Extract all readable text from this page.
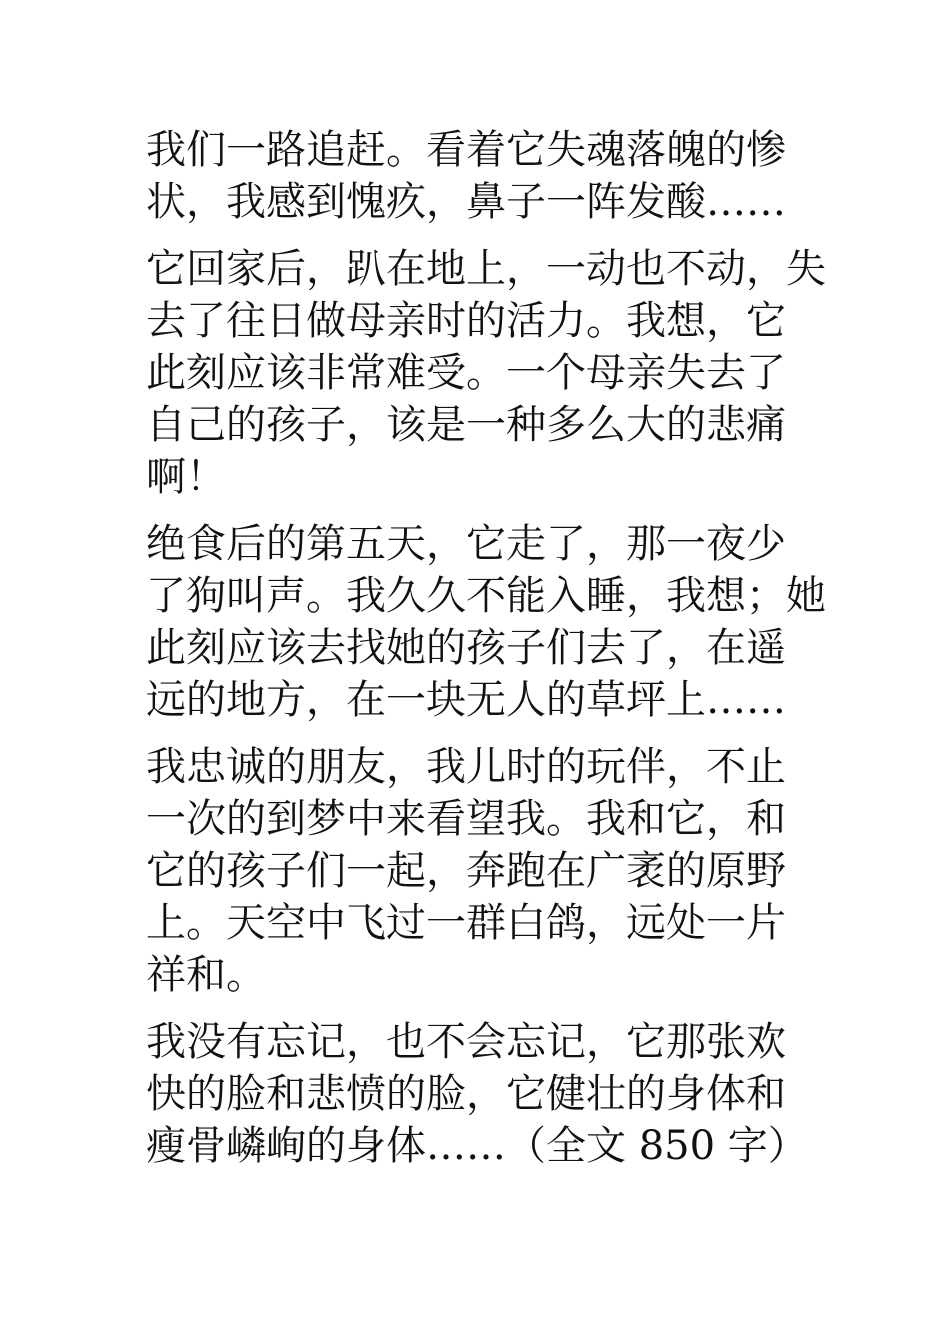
我们一路追赶。看着它失魂落魄的惨
状，我感到愧疚，鼻子一阵发酸……
它回家后，趴在地上，一动也不动，失
去了往日做母亲时的活力。我想，它
此刻应该非常难受。一个母亲失去了
自己的孩子，该是一种多么大的悲痛
啊！
绝食后的第五天，它走了，那一夜少
了狗叫声。我久久不能入睡，我想；她
此刻应该去找她的孩子们去了，在遥
远的地方，在一块无人的草坪上……
我忠诚的朋友，我儿时的玩伴，不止
一次的到梦中来看望我。我和它，和
它的孩子们一起，奔跑在广袤的原野
上。天空中飞过一群白鸽，远处一片
祥和。
我没有忘记，也不会忘记，它那张欢
快的脸和悲愤的脸，它健壮的身体和
瘦骨嶙峋的身体……（全文 850 字）
